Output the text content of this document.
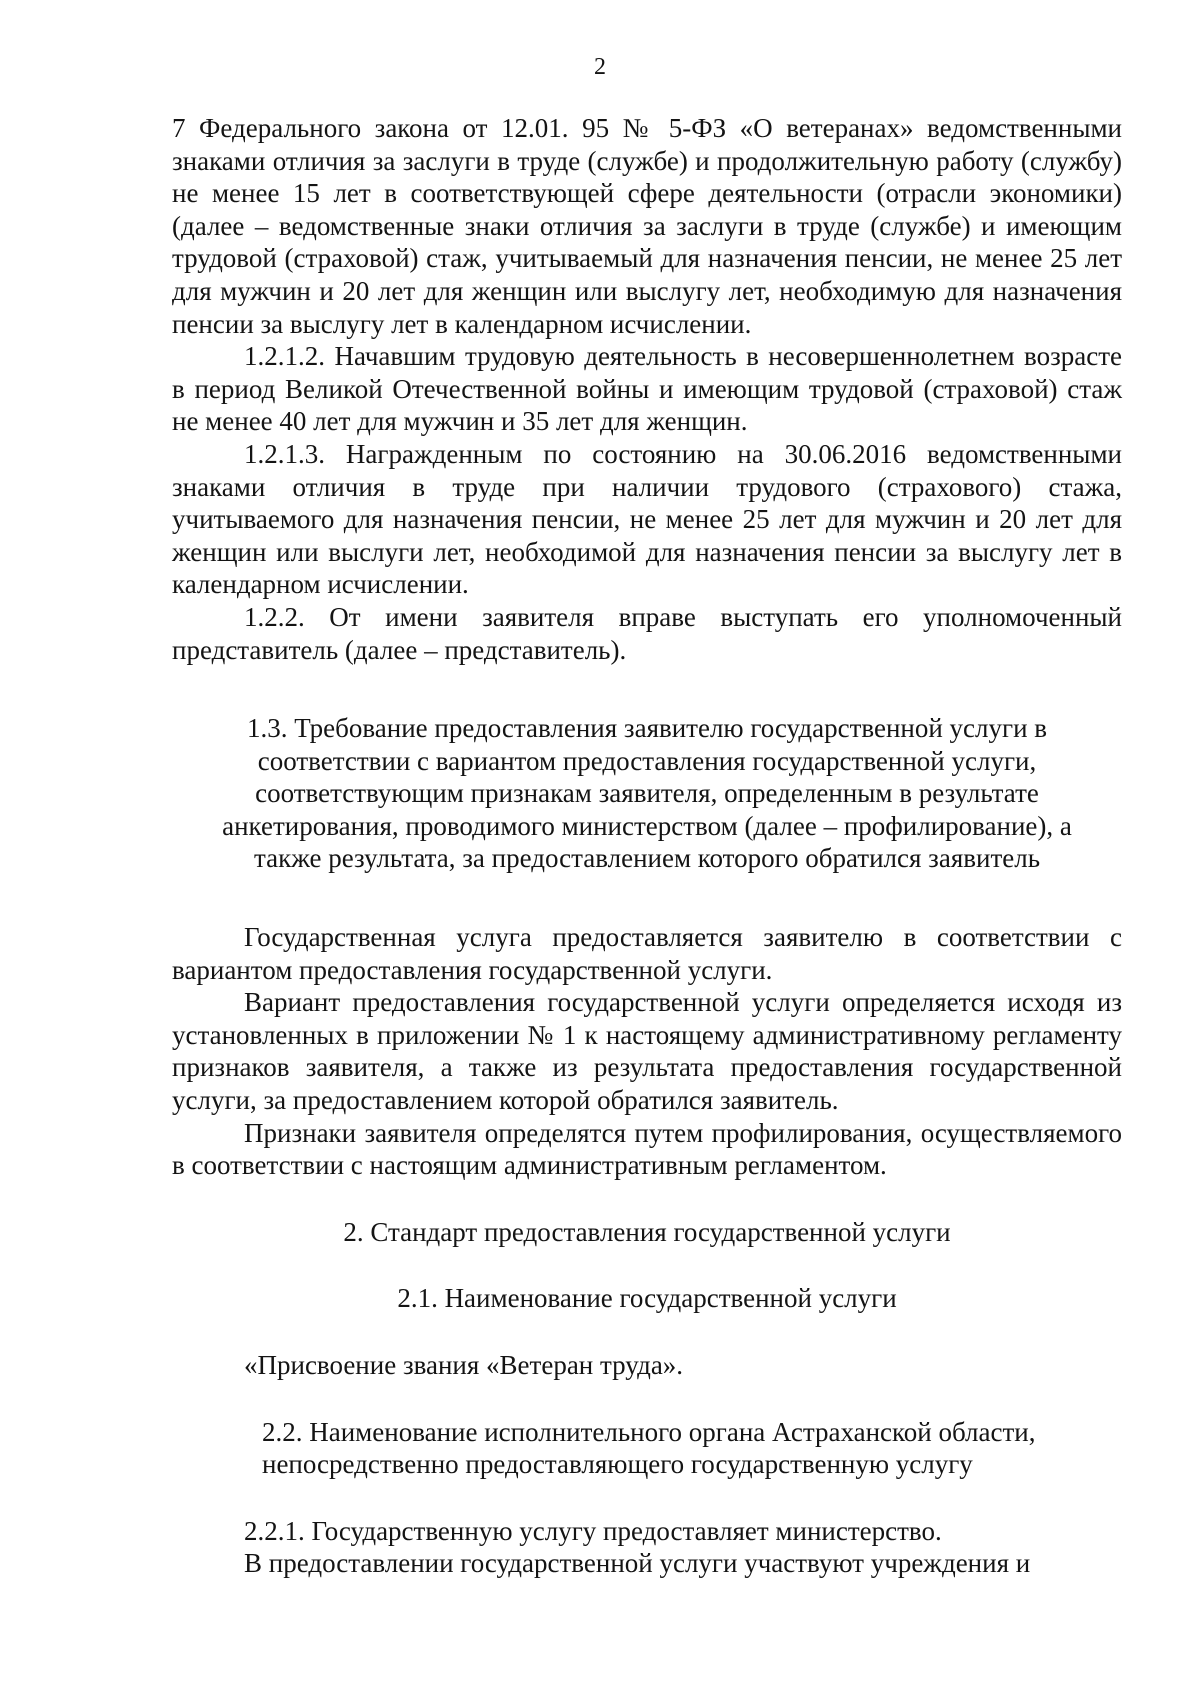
2

7 Федерального закона от 12.01. 95 № 5-ФЗ «О ветеранах» ведомственными знаками отличия за заслуги в труде (службе) и продолжительную работу (службу) не менее 15 лет в соответствующей сфере деятельности (отрасли экономики) (далее – ведомственные знаки отличия за заслуги в труде (службе) и имеющим трудовой (страховой) стаж, учитываемый для назначения пенсии, не менее 25 лет для мужчин и 20 лет для женщин или выслугу лет, необходимую для назначения пенсии за выслугу лет в календарном исчислении.

1.2.1.2. Начавшим трудовую деятельность в несовершеннолетнем возрасте в период Великой Отечественной войны и имеющим трудовой (страховой) стаж не менее 40 лет для мужчин и 35 лет для женщин.

1.2.1.3. Награжденным по состоянию на 30.06.2016 ведомственными знаками отличия в труде при наличии трудового (страхового) стажа, учитываемого для назначения пенсии, не менее 25 лет для мужчин и 20 лет для женщин или выслуги лет, необходимой для назначения пенсии за выслугу лет в календарном исчислении.

1.2.2. От имени заявителя вправе выступать его уполномоченный представитель (далее – представитель).

1.3. Требование предоставления заявителю государственной услуги в соответствии с вариантом предоставления государственной услуги, соответствующим признакам заявителя, определенным в результате анкетирования, проводимого министерством (далее – профилирование), а также результата, за предоставлением которого обратился заявитель

Государственная услуга предоставляется заявителю в соответствии с вариантом предоставления государственной услуги.

Вариант предоставления государственной услуги определяется исходя из установленных в приложении № 1 к настоящему административному регламенту признаков заявителя, а также из результата предоставления государственной услуги, за предоставлением которой обратился заявитель.

Признаки заявителя определятся путем профилирования, осуществляемого в соответствии с настоящим административным регламентом.

2. Стандарт предоставления государственной услуги

2.1. Наименование государственной услуги

«Присвоение звания «Ветеран труда».

2.2. Наименование исполнительного органа Астраханской области, непосредственно предоставляющего государственную услугу

2.2.1. Государственную услугу предоставляет министерство.

В предоставлении государственной услуги участвуют учреждения и
